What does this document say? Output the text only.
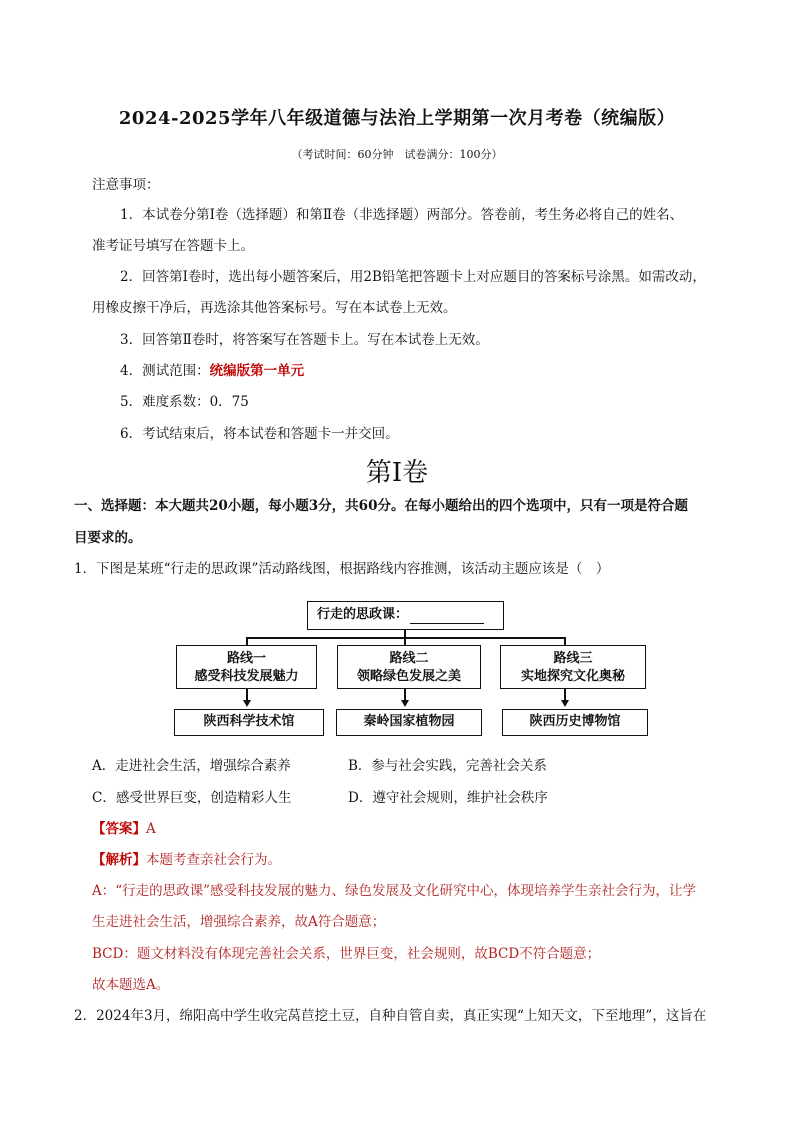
2024-2025学年八年级道德与法治上学期第一次月考卷（统编版）
（考试时间：60分钟　试卷满分：100分）
注意事项：
1．本试卷分第Ⅰ卷（选择题）和第Ⅱ卷（非选择题）两部分。答卷前，考生务必将自己的姓名、
准考证号填写在答题卡上。
2．回答第Ⅰ卷时，选出每小题答案后，用2B铅笔把答题卡上对应题目的答案标号涂黑。如需改动，
用橡皮擦干净后，再选涂其他答案标号。写在本试卷上无效。
3．回答第Ⅱ卷时，将答案写在答题卡上。写在本试卷上无效。
4．测试范围：统编版第一单元
5．难度系数：0．75
6．考试结束后，将本试卷和答题卡一并交回。
第Ⅰ卷
一、选择题：本大题共20小题，每小题3分，共60分。在每小题给出的四个选项中，只有一项是符合题
目要求的。
1．下图是某班“行走的思政课”活动路线图，根据路线内容推测，该活动主题应该是（　）
行走的思政课：
路线一
感受科技发展魅力
陕西科学技术馆
路线二
领略绿色发展之美
秦岭国家植物园
路线三
实地探究文化奥秘
陕西历史博物馆
A．走进社会生活，增强综合素养	B．参与社会实践，完善社会关系
C．感受世界巨变，创造精彩人生	D．遵守社会规则，维护社会秩序
【答案】A
【解析】本题考查亲社会行为。
A：“行走的思政课”感受科技发展的魅力、绿色发展及文化研究中心，体现培养学生亲社会行为，让学
生走进社会生活，增强综合素养，故A符合题意；
BCD：题文材料没有体现完善社会关系，世界巨变，社会规则，故BCD不符合题意；
故本题选A。
2．2024年3月，绵阳高中学生收完莴苣挖土豆，自种自管自卖，真正实现“上知天文，下至地理”，这旨在
